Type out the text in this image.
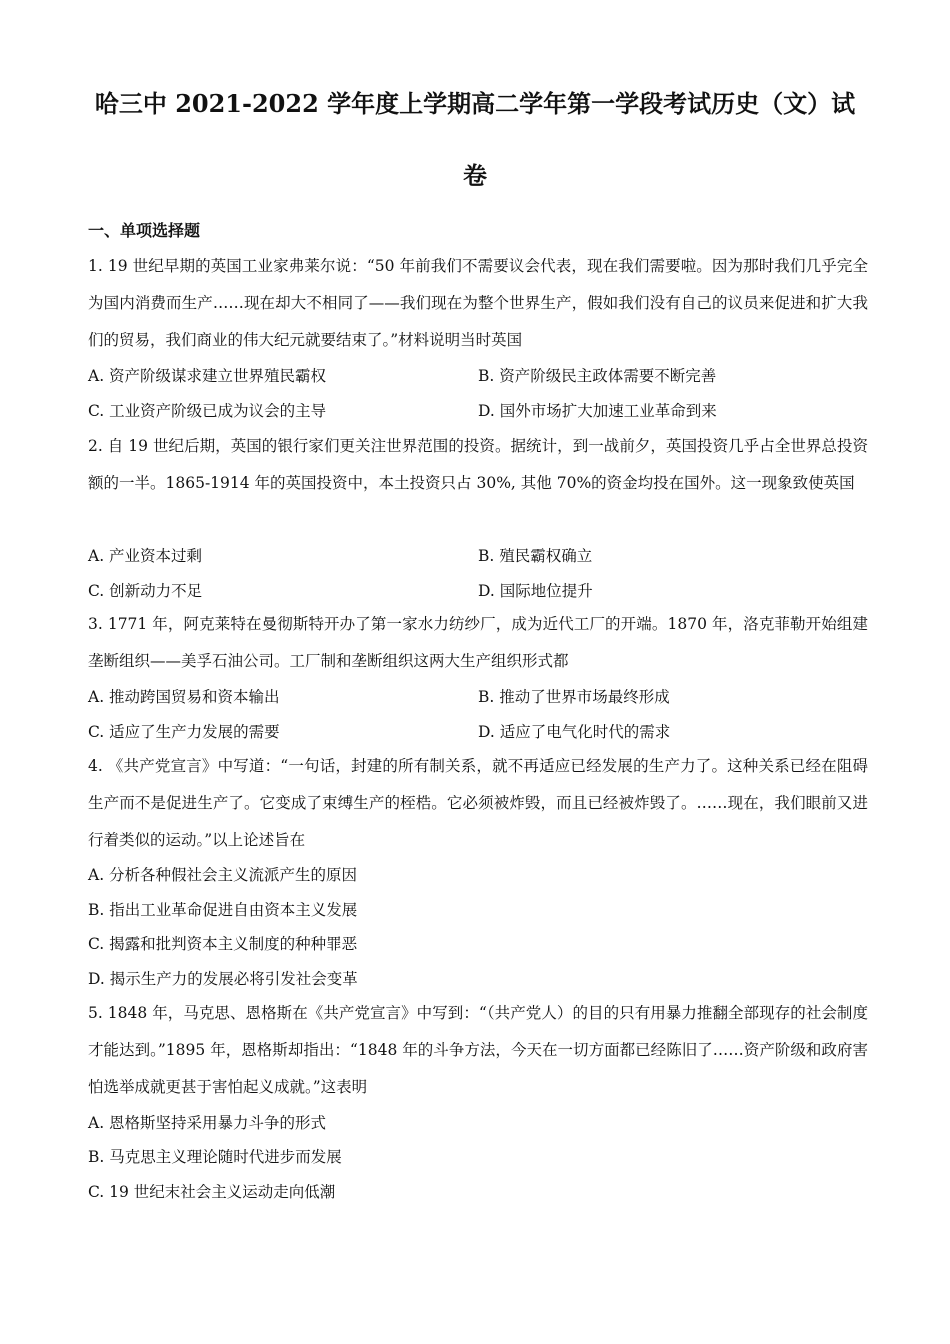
哈三中 2021-2022 学年度上学期高二学年第一学段考试历史（文）试
卷
一、单项选择题
1. 19 世纪早期的英国工业家弗莱尔说：“50 年前我们不需要议会代表，现在我们需要啦。因为那时我们几乎完全为国内消费而生产……现在却大不相同了——我们现在为整个世界生产，假如我们没有自己的议员来促进和扩大我们的贸易，我们商业的伟大纪元就要结束了。”材料说明当时英国
A. 资产阶级谋求建立世界殖民霸权	B. 资产阶级民主政体需要不断完善
C. 工业资产阶级已成为议会的主导	D. 国外市场扩大加速工业革命到来
2. 自 19 世纪后期，英国的银行家们更关注世界范围的投资。据统计，到一战前夕，英国投资几乎占全世界总投资额的一半。1865-1914 年的英国投资中，本土投资只占 30%, 其他 70%的资金均投在国外。这一现象致使英国
A. 产业资本过剩	B. 殖民霸权确立
C. 创新动力不足	D. 国际地位提升
3. 1771 年，阿克莱特在曼彻斯特开办了第一家水力纺纱厂，成为近代工厂的开端。1870 年，洛克菲勒开始组建垄断组织——美孚石油公司。工厂制和垄断组织这两大生产组织形式都
A. 推动跨国贸易和资本输出	B. 推动了世界市场最终形成
C. 适应了生产力发展的需要	D. 适应了电气化时代的需求
4. 《共产党宣言》中写道：“一句话，封建的所有制关系，就不再适应已经发展的生产力了。这种关系已经在阻碍生产而不是促进生产了。它变成了束缚生产的桎梏。它必须被炸毁，而且已经被炸毁了。……现在，我们眼前又进行着类似的运动。”以上论述旨在
A. 分析各种假社会主义流派产生的原因
B. 指出工业革命促进自由资本主义发展
C. 揭露和批判资本主义制度的种种罪恶
D. 揭示生产力的发展必将引发社会变革
5. 1848 年，马克思、恩格斯在《共产党宣言》中写到：“（共产党人）的目的只有用暴力推翻全部现存的社会制度才能达到。”1895 年，恩格斯却指出：“1848 年的斗争方法，今天在一切方面都已经陈旧了……资产阶级和政府害怕选举成就更甚于害怕起义成就。”这表明
A. 恩格斯坚持采用暴力斗争的形式
B. 马克思主义理论随时代进步而发展
C. 19 世纪末社会主义运动走向低潮
